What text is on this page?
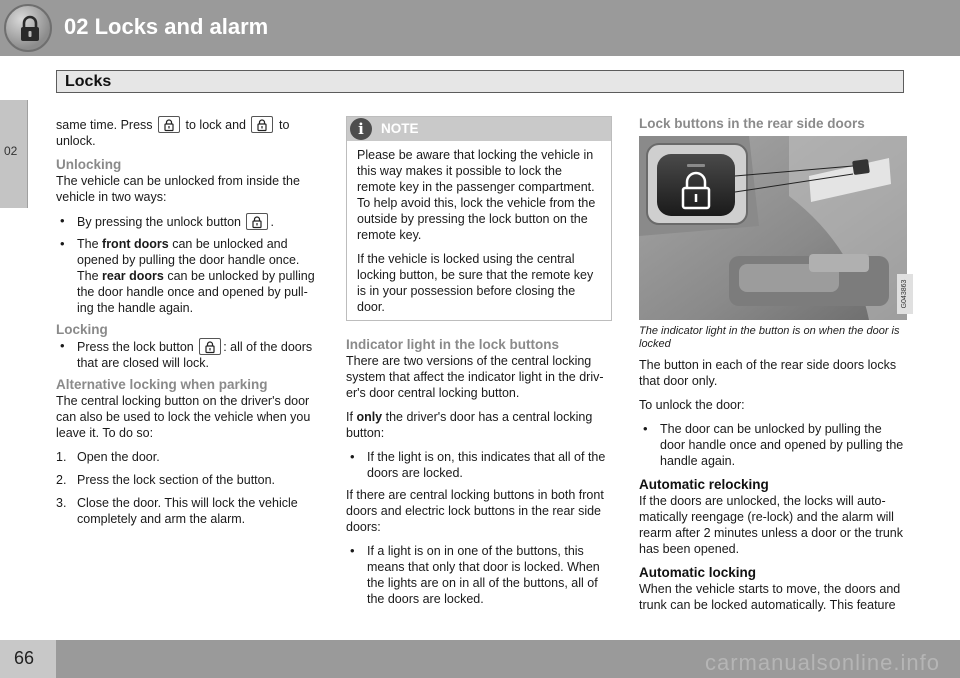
02 Locks and alarm
Locks
02

same time. Press	to lock and	to unlock.

Unlocking

The vehicle can be unlocked from inside the vehicle in two ways:

• By pressing the unlock button .
• The front doors can be unlocked and opened by pulling the door handle once. The rear doors can be unlocked by pulling the door handle once and opened by pull-ing the handle again.
Locking
• Press the lock button : all of the doors that are closed will lock.
Alternative locking when parking

The central locking button on the driver's door can also be used to lock the vehicle when you leave it. To do so:

1. Open the door.
2. Press the lock section of the button.
3. Close the door. This will lock the vehicle completely and arm the alarm.
i	NOTE

Please be aware that locking the vehicle in this way makes it possible to lock the remote key in the passenger compartment. To help avoid this, lock the vehicle from the outside by pressing the lock button on the remote key.

If the vehicle is locked using the central locking button, be sure that the remote key is in your possession before closing the door.

Indicator light in the lock buttons

There are two versions of the central locking system that affect the indicator light in the driv-er's door central locking button.

If only the driver's door has a central locking button:

• If the light is on, this indicates that all of the doors are locked.

If there are central locking buttons in both front doors and electric lock buttons in the rear side doors:

• If a light is on in one of the buttons, this means that only that door is locked. When the lights are on in all of the buttons, all of the doors are locked.
Lock buttons in the rear side doors
G043863
The indicator light in the button is on when the door is locked

The button in each of the rear side doors locks that door only.

To unlock the door:

• The door can be unlocked by pulling the door handle once and opened by pulling the handle again.
Automatic relocking

If the doors are unlocked, the locks will auto-matically reengage (re-lock) and the alarm will rearm after 2 minutes unless a door or the trunk has been opened.

Automatic locking

When the vehicle starts to move, the doors and trunk can be locked automatically. This feature

66	carmanualsonline.info
